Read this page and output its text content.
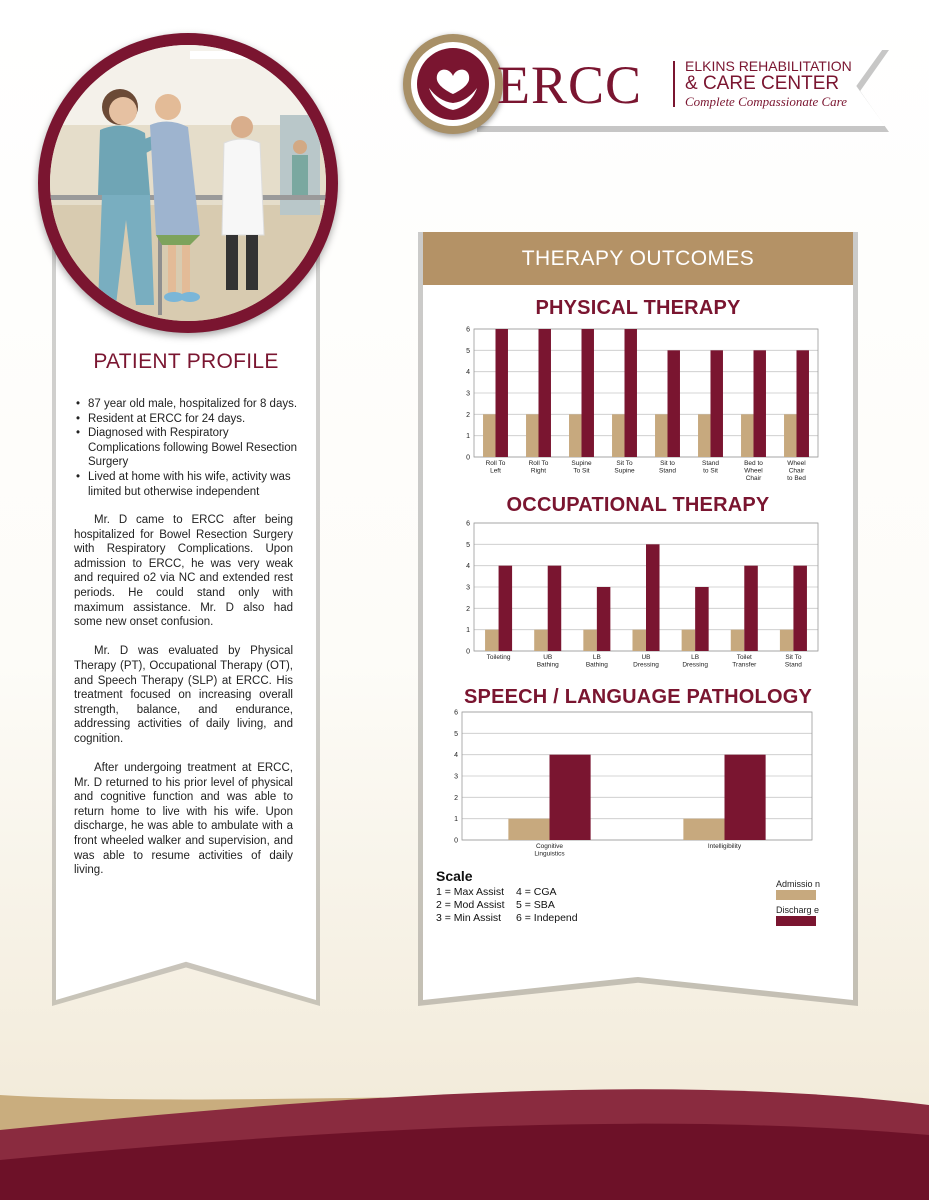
PATIENT PROFILE
• 87 year old male, hospitalized for 8 days.
• Resident at ERCC for 24 days.
• Diagnosed with Respiratory Complications following Bowel Resection Surgery
• Lived at home with his wife, activity was limited but otherwise independent

Mr. D came to ERCC after being hospitalized for Bowel Resection Surgery with Respiratory Complications. Upon admission to ERCC, he was very weak and required o2 via NC and extended rest periods. He could stand only with maximum assistance. Mr. D also had some new onset confusion.

Mr. D was evaluated by Physical Therapy (PT), Occupational Therapy (OT), and Speech Therapy (SLP) at ERCC. His treatment focused on increasing overall strength, balance, and endurance, addressing activities of daily living, and cognition.

After undergoing treatment at ERCC, Mr. D returned to his prior level of physical and cognitive function and was able to return home to live with his wife. Upon discharge, he was able to ambulate with a front wheeled walker and supervision, and was able to resume activities of daily living.

ERCC	ELKINS REHABILITATION
& CARE CENTER
Complete Compassionate Care
THERAPY OUTCOMES
PHYSICAL THERAPY
0
1
2
3
4
5
6
Roll To
Left
Roll To
Right
Supine
To Sit
Sit To
Supine
Sit to
Stand
Stand
to Sit
Bed to
Wheel
Chair
Wheel
Chair
to Bed
OCCUPATIONAL THERAPY
0
1
2
3
4
5
6
Toileting	UB
Bathing
LB
Bathing
UB
Dressing
LB
Dressing
Toilet
Transfer
Sit To
Stand
SPEECH / LANGUAGE PATHOLOGY
0
1
2
3
4
5
6
Cognitive
Linguistics
Intelligibility
Scale
1 = Max Assist
2 = Mod Assist
3 = Min Assist
4 = CGA
5 = SBA
6 = Independ
Admissio n
Discharg e
